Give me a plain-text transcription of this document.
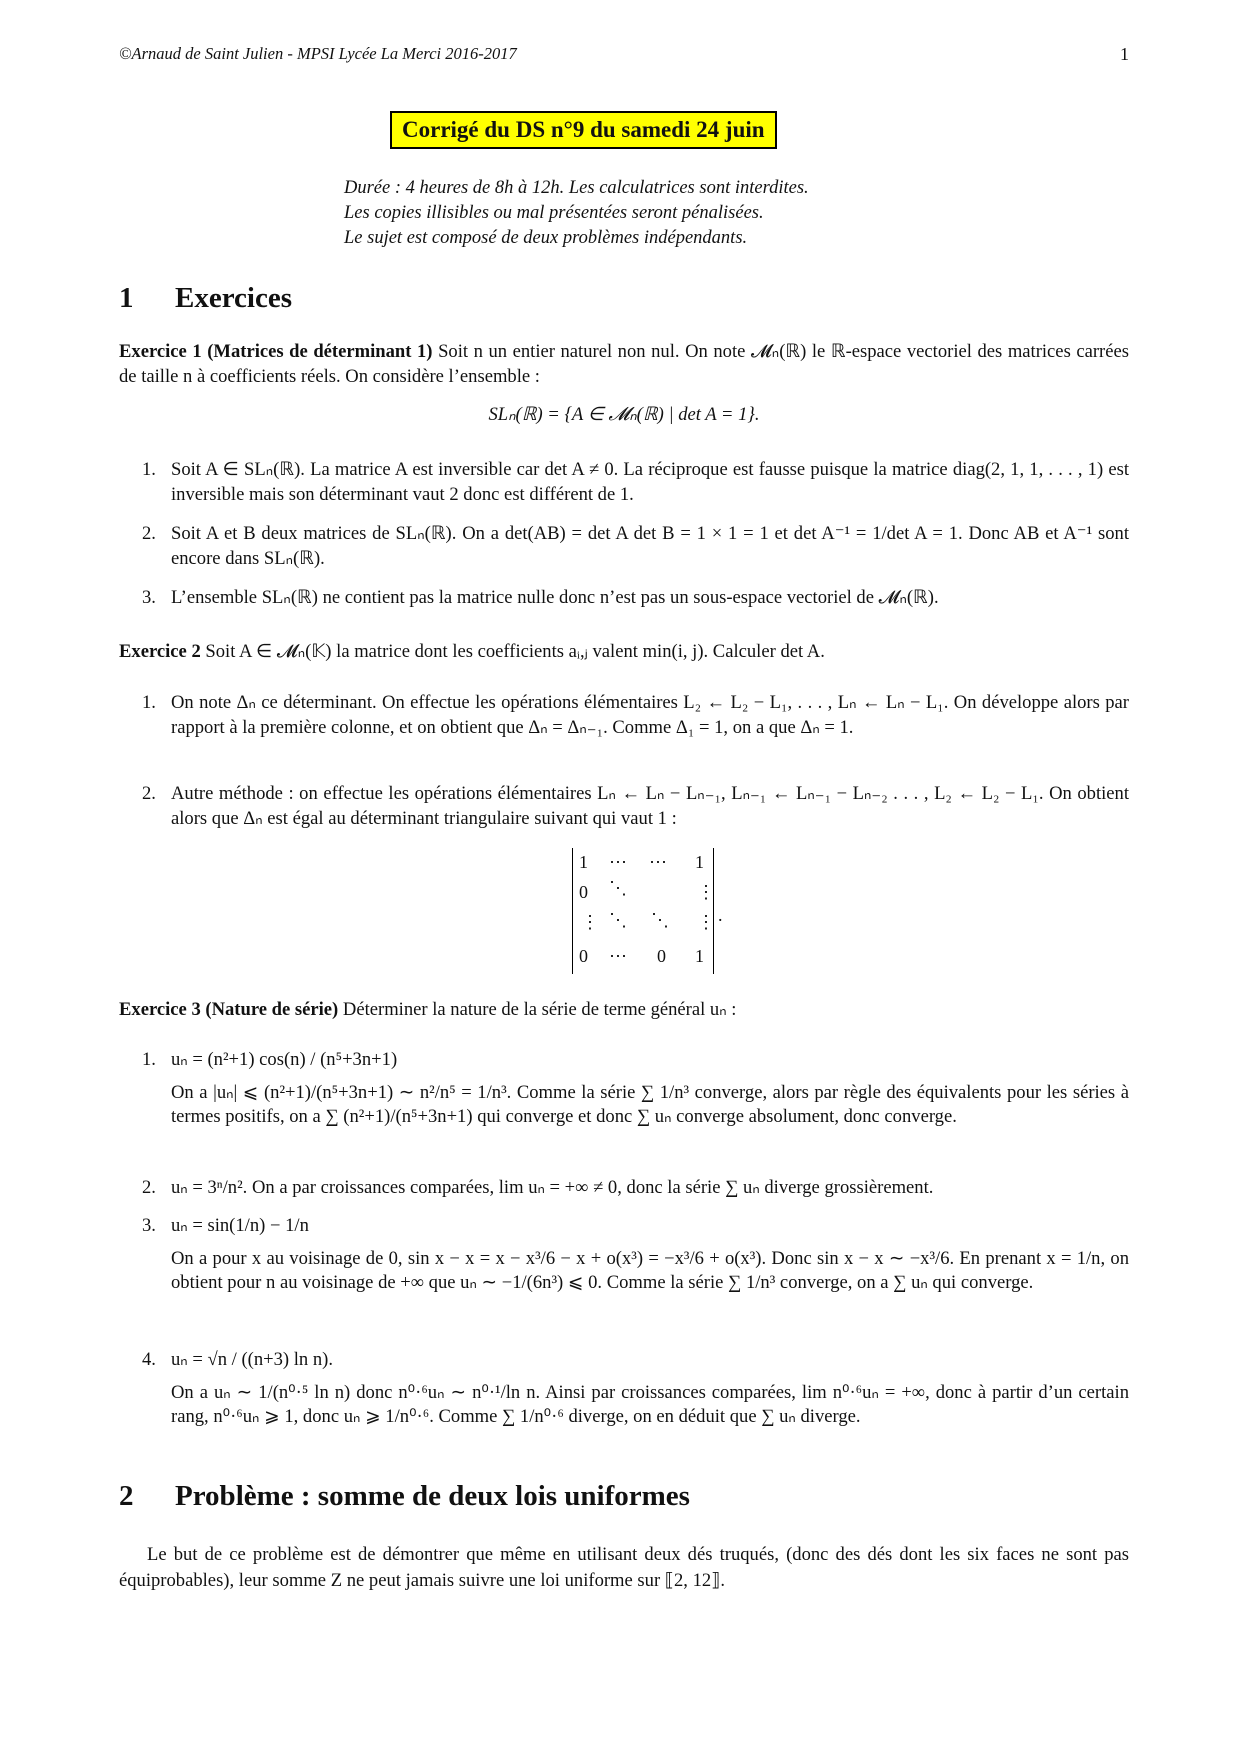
©Arnaud de Saint Julien - MPSI Lycée La Merci 2016-2017	1
Corrigé du DS n°9 du samedi 24 juin
Durée : 4 heures de 8h à 12h. Les calculatrices sont interdites.
Les copies illisibles ou mal présentées seront pénalisées.
Le sujet est composé de deux problèmes indépendants.
1 Exercices
Exercice 1 (Matrices de déterminant 1) Soit n un entier naturel non nul. On note 𝓜ₙ(ℝ) le ℝ-espace vectoriel des matrices carrées de taille n à coefficients réels. On considère l’ensemble :
SLₙ(ℝ) = {A ∈ 𝓜ₙ(ℝ) | det A = 1}.
1. Soit A ∈ SLₙ(ℝ). La matrice A est inversible car det A ≠ 0. La réciproque est fausse puisque la matrice diag(2, 1, 1, . . . , 1) est inversible mais son déterminant vaut 2 donc est différent de 1.
2. Soit A et B deux matrices de SLₙ(ℝ). On a det(AB) = det A det B = 1 × 1 = 1 et det A⁻¹ = 1/det A = 1. Donc AB et A⁻¹ sont encore dans SLₙ(ℝ).
3. L’ensemble SLₙ(ℝ) ne contient pas la matrice nulle donc n’est pas un sous-espace vectoriel de 𝓜ₙ(ℝ).
Exercice 2 Soit A ∈ 𝓜ₙ(𝕂) la matrice dont les coefficients aᵢ,ⱼ valent min(i, j). Calculer det A.
1. On note Δₙ ce déterminant. On effectue les opérations élémentaires L₂ ← L₂ − L₁, . . . , Lₙ ← Lₙ − L₁. On développe alors par rapport à la première colonne, et on obtient que Δₙ = Δₙ₋₁. Comme Δ₁ = 1, on a que Δₙ = 1.
2. Autre méthode : on effectue les opérations élémentaires Lₙ ← Lₙ − Lₙ₋₁, Lₙ₋₁ ← Lₙ₋₁ − Lₙ₋₂ . . . , L₂ ← L₂ − L₁. On obtient alors que Δₙ est égal au déterminant triangulaire suivant qui vaut 1 :
1 ⋯ ⋯ 1
0 ⋱	⋮
⋮ ⋱ ⋱ ⋮
0 ⋯ 0 1
.
Exercice 3 (Nature de série) Déterminer la nature de la série de terme général uₙ :
1. uₙ = (n²+1) cos(n) / (n⁵+3n+1)
On a |uₙ| ⩽ (n²+1)/(n⁵+3n+1) ∼ n²/n⁵ = 1/n³. Comme la série ∑ 1/n³ converge, alors par règle des équivalents pour les séries à termes positifs, on a ∑ (n²+1)/(n⁵+3n+1) qui converge et donc ∑ uₙ converge absolument, donc converge.
2. uₙ = 3ⁿ/n². On a par croissances comparées, lim uₙ = +∞ ≠ 0, donc la série ∑ uₙ diverge grossièrement.
3. uₙ = sin(1/n) − 1/n
On a pour x au voisinage de 0, sin x − x = x − x³/6 − x + o(x³) = −x³/6 + o(x³). Donc sin x − x ∼ −x³/6. En prenant x = 1/n, on obtient pour n au voisinage de +∞ que uₙ ∼ −1/(6n³) ⩽ 0. Comme la série ∑ 1/n³ converge, on a ∑ uₙ qui converge.
4. uₙ = √n / ((n+3) ln n).
On a uₙ ∼ 1/(n⁰·⁵ ln n) donc n⁰·⁶uₙ ∼ n⁰·¹/ln n. Ainsi par croissances comparées, lim n⁰·⁶uₙ = +∞, donc à partir d’un certain rang, n⁰·⁶uₙ ⩾ 1, donc uₙ ⩾ 1/n⁰·⁶. Comme ∑ 1/n⁰·⁶ diverge, on en déduit que ∑ uₙ diverge.
2 Problème : somme de deux lois uniformes
Le but de ce problème est de démontrer que même en utilisant deux dés truqués, (donc des dés dont les six faces ne sont pas équiprobables), leur somme Z ne peut jamais suivre une loi uniforme sur ⟦2, 12⟧.
